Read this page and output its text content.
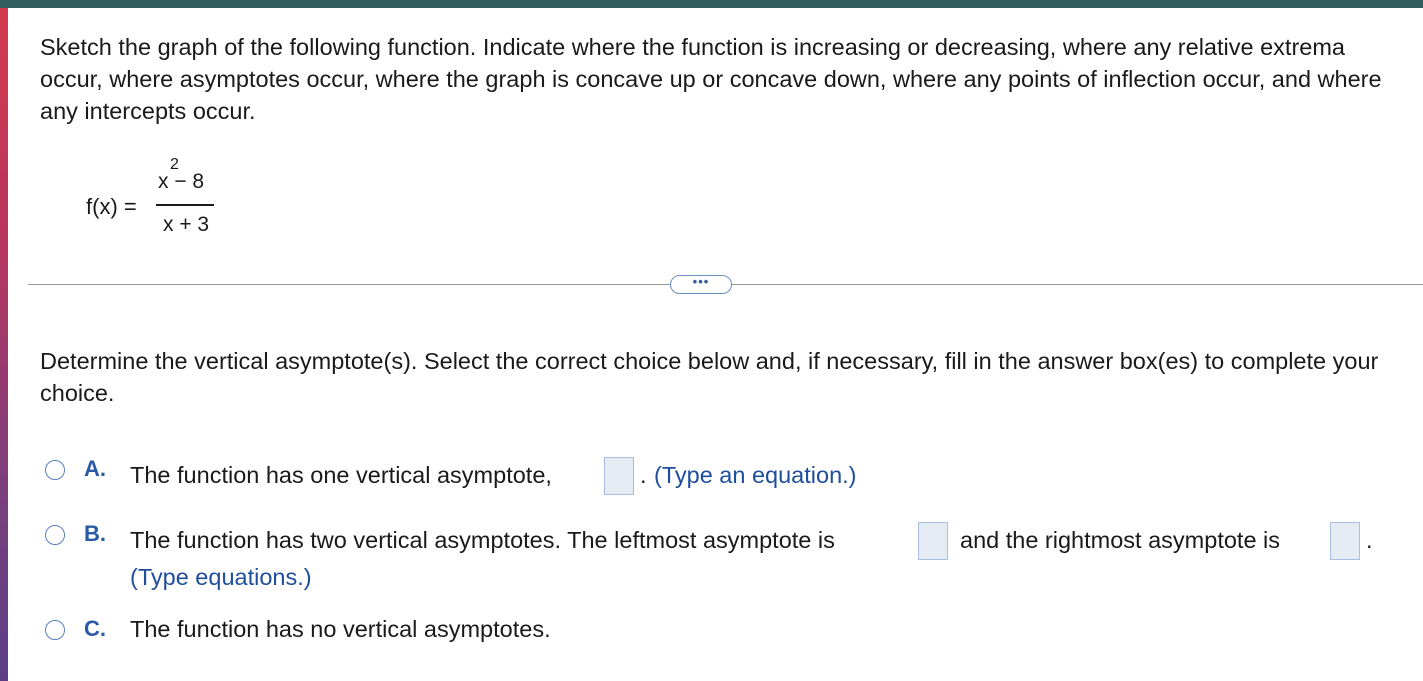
Sketch the graph of the following function. Indicate where the function is increasing or decreasing, where any relative extrema occur, where asymptotes occur, where the graph is concave up or concave down, where any points of inflection occur, and where any intercepts occur.
f(x) =
2
x − 8
x + 3
•••
Determine the vertical asymptote(s). Select the correct choice below and, if necessary, fill in the answer box(es) to complete your choice.
A. The function has one vertical asymptote,	. (Type an equation.)
B. The function has two vertical asymptotes. The leftmost asymptote is	and the rightmost asymptote is	.
(Type equations.)
C. The function has no vertical asymptotes.
